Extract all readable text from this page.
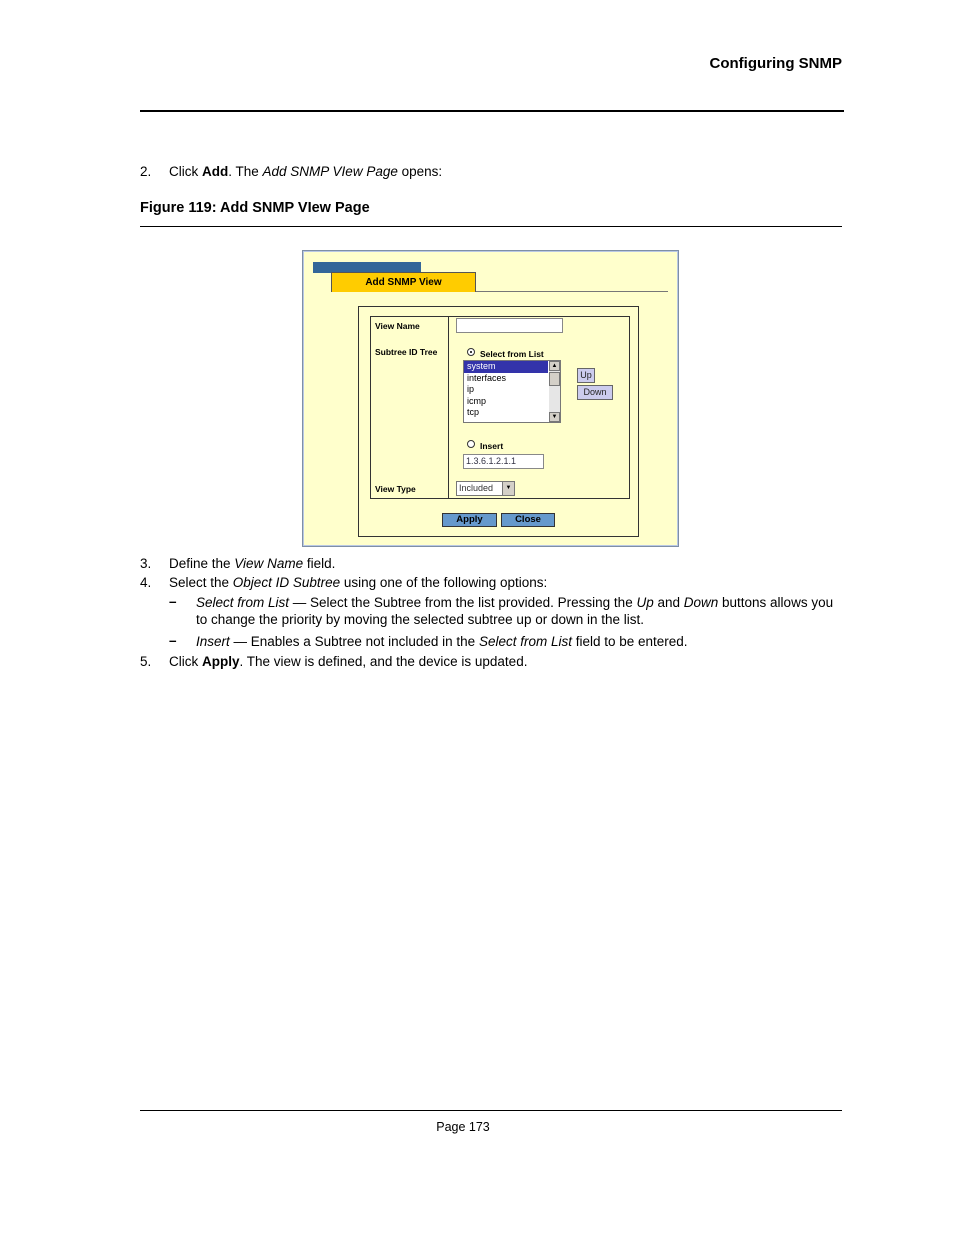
Configuring SNMP
2.	Click Add. The Add SNMP VIew Page opens:
Figure 119: Add SNMP VIew Page
Add SNMP View
View Name
Subtree ID Tree	Select from List
system
interfaces
ip
icmp
tcp
▲
▼
Up
Down
Insert
1.3.6.1.2.1.1
View Type	Included	▼
Apply	Close
3.	Define the View Name field.
4.	Select the Object ID Subtree using one of the following options:
– Select from List — Select the Subtree from the list provided. Pressing the Up and Down buttons allows you to change the priority by moving the selected subtree up or down in the list.
– Insert — Enables a Subtree not included in the Select from List field to be entered.
5.	Click Apply. The view is defined, and the device is updated.
Page 173
